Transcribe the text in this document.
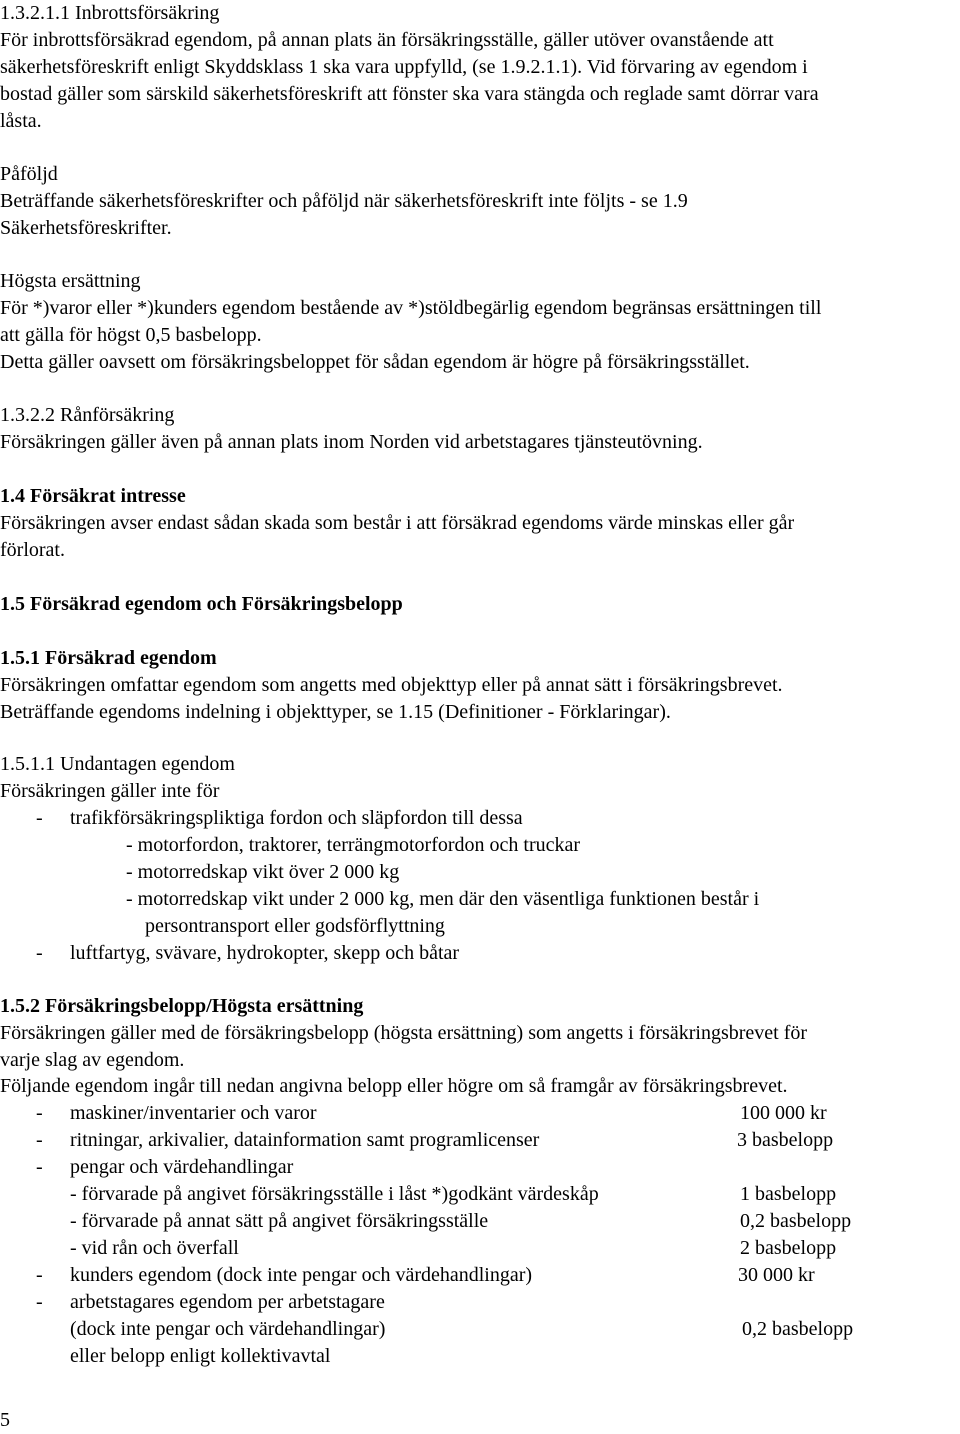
1.3.2.1.1 Inbrottsförsäkring
För inbrottsförsäkrad egendom, på annan plats än försäkringsställe, gäller utöver ovanstående att
säkerhetsföreskrift enligt Skyddsklass 1 ska vara uppfylld, (se 1.9.2.1.1). Vid förvaring av egendom i
bostad gäller som särskild säkerhetsföreskrift att fönster ska vara stängda och reglade samt dörrar vara
låsta.
Påföljd
Beträffande säkerhetsföreskrifter och påföljd när säkerhetsföreskrift inte följts - se 1.9
Säkerhetsföreskrifter.
Högsta ersättning
För *)varor eller *)kunders egendom bestående av *)stöldbegärlig egendom begränsas ersättningen till
att gälla för högst 0,5 basbelopp.
Detta gäller oavsett om försäkringsbeloppet för sådan egendom är högre på försäkringsstället.
1.3.2.2 Rånförsäkring
Försäkringen gäller även på annan plats inom Norden vid arbetstagares tjänsteutövning.
1.4 Försäkrat intresse
Försäkringen avser endast sådan skada som består i att försäkrad egendoms värde minskas eller går
förlorat.
1.5 Försäkrad egendom och Försäkringsbelopp
1.5.1 Försäkrad egendom
Försäkringen omfattar egendom som angetts med objekttyp eller på annat sätt i försäkringsbrevet.
Beträffande egendoms indelning i objekttyper, se 1.15 (Definitioner - Förklaringar).
1.5.1.1 Undantagen egendom
Försäkringen gäller inte för
- trafikförsäkringspliktiga fordon och släpfordon till dessa
- motorfordon, traktorer, terrängmotorfordon och truckar
- motorredskap vikt över 2 000 kg
- motorredskap vikt under 2 000 kg, men där den väsentliga funktionen består i
persontransport eller godsförflyttning
- luftfartyg, svävare, hydrokopter, skepp och båtar
1.5.2 Försäkringsbelopp/Högsta ersättning
Försäkringen gäller med de försäkringsbelopp (högsta ersättning) som angetts i försäkringsbrevet för
varje slag av egendom.
Följande egendom ingår till nedan angivna belopp eller högre om så framgår av försäkringsbrevet.
- maskiner/inventarier och varor	100 000 kr
- ritningar, arkivalier, datainformation samt programlicenser	3 basbelopp
- pengar och värdehandlingar
- förvarade på angivet försäkringsställe i låst *)godkänt värdeskåp	1 basbelopp
- förvarade på annat sätt på angivet försäkringsställe	0,2 basbelopp
- vid rån och överfall	2 basbelopp
- kunders egendom (dock inte pengar och värdehandlingar)	30 000 kr
- arbetstagares egendom per arbetstagare
(dock inte pengar och värdehandlingar)	0,2 basbelopp
eller belopp enligt kollektivavtal
5
